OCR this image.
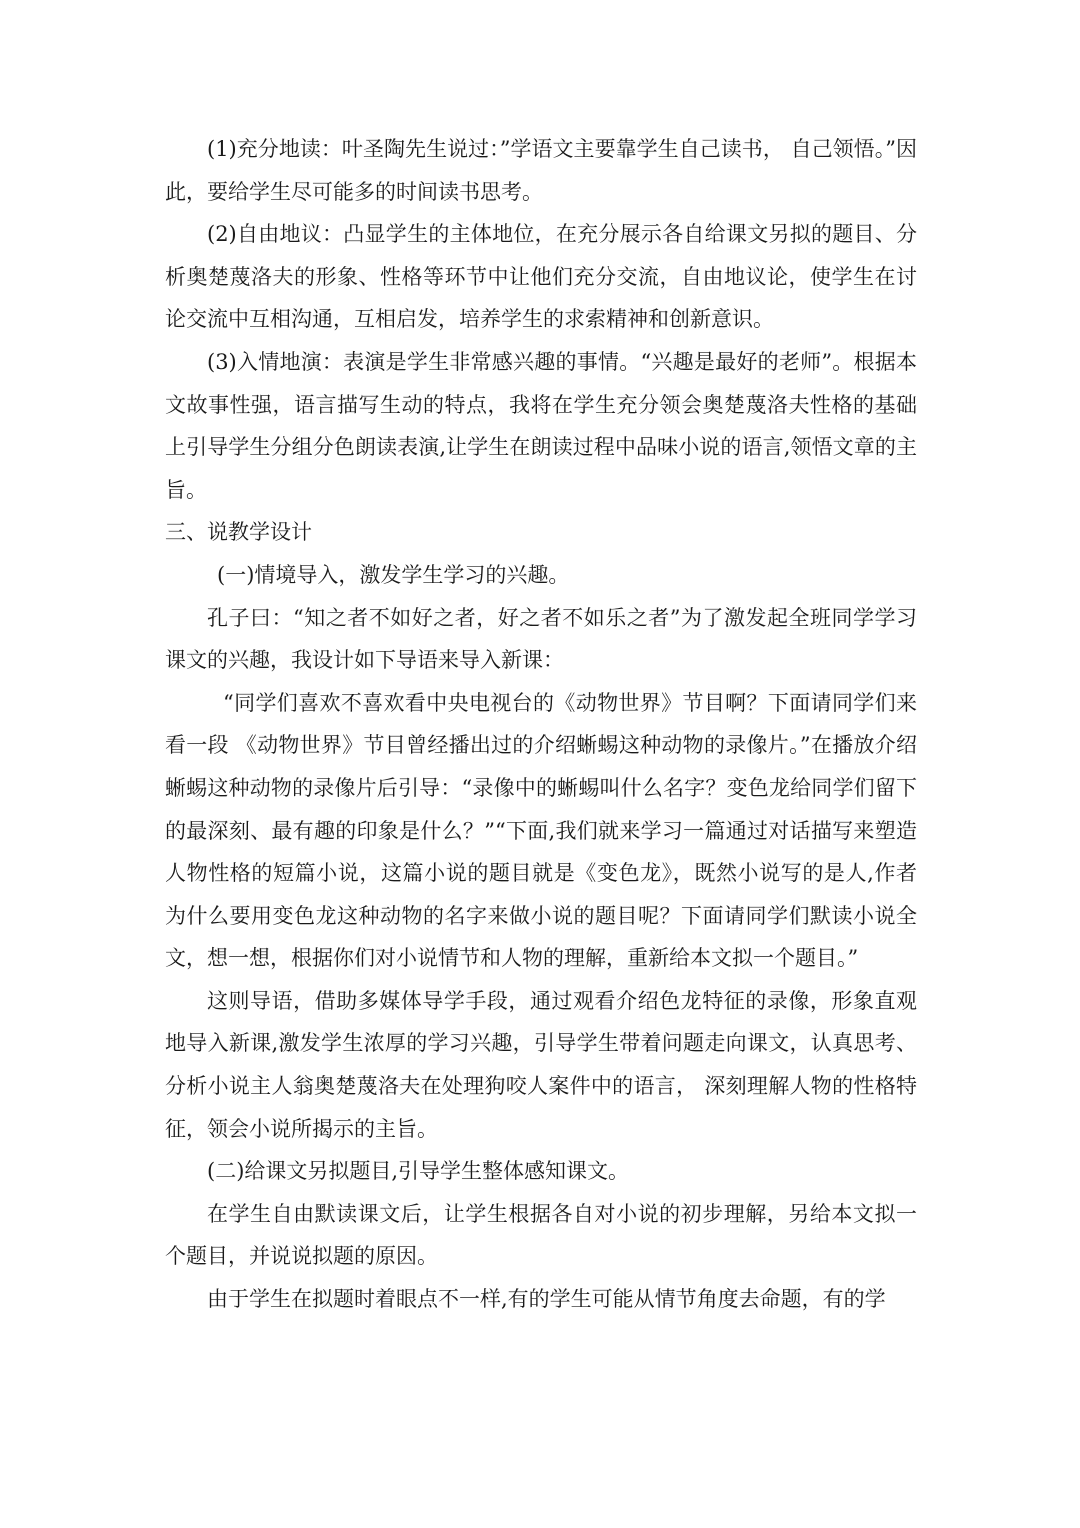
(1)充分地读：叶圣陶先生说过：”学语文主要靠学生自己读书， 自己领悟。”因此，要给学生尽可能多的时间读书思考。

(2)自由地议：凸显学生的主体地位，在充分展示各自给课文另拟的题目、分析奥楚蔑洛夫的形象、性格等环节中让他们充分交流，自由地议论，使学生在讨论交流中互相沟通，互相启发，培养学生的求索精神和创新意识。

(3)入情地演：表演是学生非常感兴趣的事情。“兴趣是最好的老师”。根据本文故事性强，语言描写生动的特点，我将在学生充分领会奥楚蔑洛夫性格的基础上引导学生分组分色朗读表演,让学生在朗读过程中品味小说的语言,领悟文章的主旨。

三、说教学设计

(一)情境导入，激发学生学习的兴趣。

孔子曰：“知之者不如好之者，好之者不如乐之者”为了激发起全班同学学习课文的兴趣，我设计如下导语来导入新课：

“同学们喜欢不喜欢看中央电视台的《动物世界》节目啊？下面请同学们来看一段 《动物世界》节目曾经播出过的介绍蜥蜴这种动物的录像片。”在播放介绍蜥蜴这种动物的录像片后引导：“录像中的蜥蜴叫什么名字？变色龙给同学们留下的最深刻、最有趣的印象是什么？”“下面,我们就来学习一篇通过对话描写来塑造人物性格的短篇小说，这篇小说的题目就是《变色龙》，既然小说写的是人,作者为什么要用变色龙这种动物的名字来做小说的题目呢？下面请同学们默读小说全文，想一想，根据你们对小说情节和人物的理解，重新给本文拟一个题目。”

这则导语，借助多媒体导学手段，通过观看介绍色龙特征的录像，形象直观地导入新课,激发学生浓厚的学习兴趣，引导学生带着问题走向课文，认真思考、分析小说主人翁奥楚蔑洛夫在处理狗咬人案件中的语言， 深刻理解人物的性格特征，领会小说所揭示的主旨。

(二)给课文另拟题目,引导学生整体感知课文。

在学生自由默读课文后，让学生根据各自对小说的初步理解，另给本文拟一个题目，并说说拟题的原因。

由于学生在拟题时着眼点不一样,有的学生可能从情节角度去命题，有的学
